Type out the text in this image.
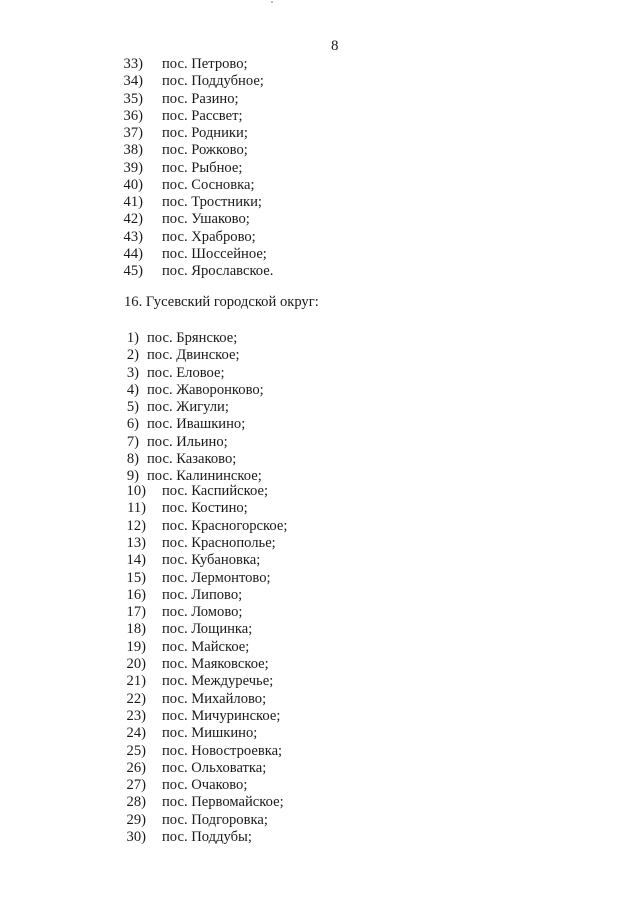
8
33) пос. Петрово;
34) пос. Поддубное;
35) пос. Разино;
36) пос. Рассвет;
37) пос. Родники;
38) пос. Рожково;
39) пос. Рыбное;
40) пос. Сосновка;
41) пос. Тростники;
42) пос. Ушаково;
43) пос. Храброво;
44) пос. Шоссейное;
45) пос. Ярославское.
16. Гусевский городской округ:
1) пос. Брянское;
2) пос. Двинское;
3) пос. Еловое;
4) пос. Жаворонково;
5) пос. Жигули;
6) пос. Ивашкино;
7) пос. Ильино;
8) пос. Казаково;
9) пос. Калининское;
10) пос. Каспийское;
11) пос. Костино;
12) пос. Красногорское;
13) пос. Краснополье;
14) пос. Кубановка;
15) пос. Лермонтово;
16) пос. Липово;
17) пос. Ломово;
18) пос. Лощинка;
19) пос. Майское;
20) пос. Маяковское;
21) пос. Междуречье;
22) пос. Михайлово;
23) пос. Мичуринское;
24) пос. Мишкино;
25) пос. Новостроевка;
26) пос. Ольховатка;
27) пос. Очаково;
28) пос. Первомайское;
29) пос. Подгоровка;
30) пос. Поддубы;
